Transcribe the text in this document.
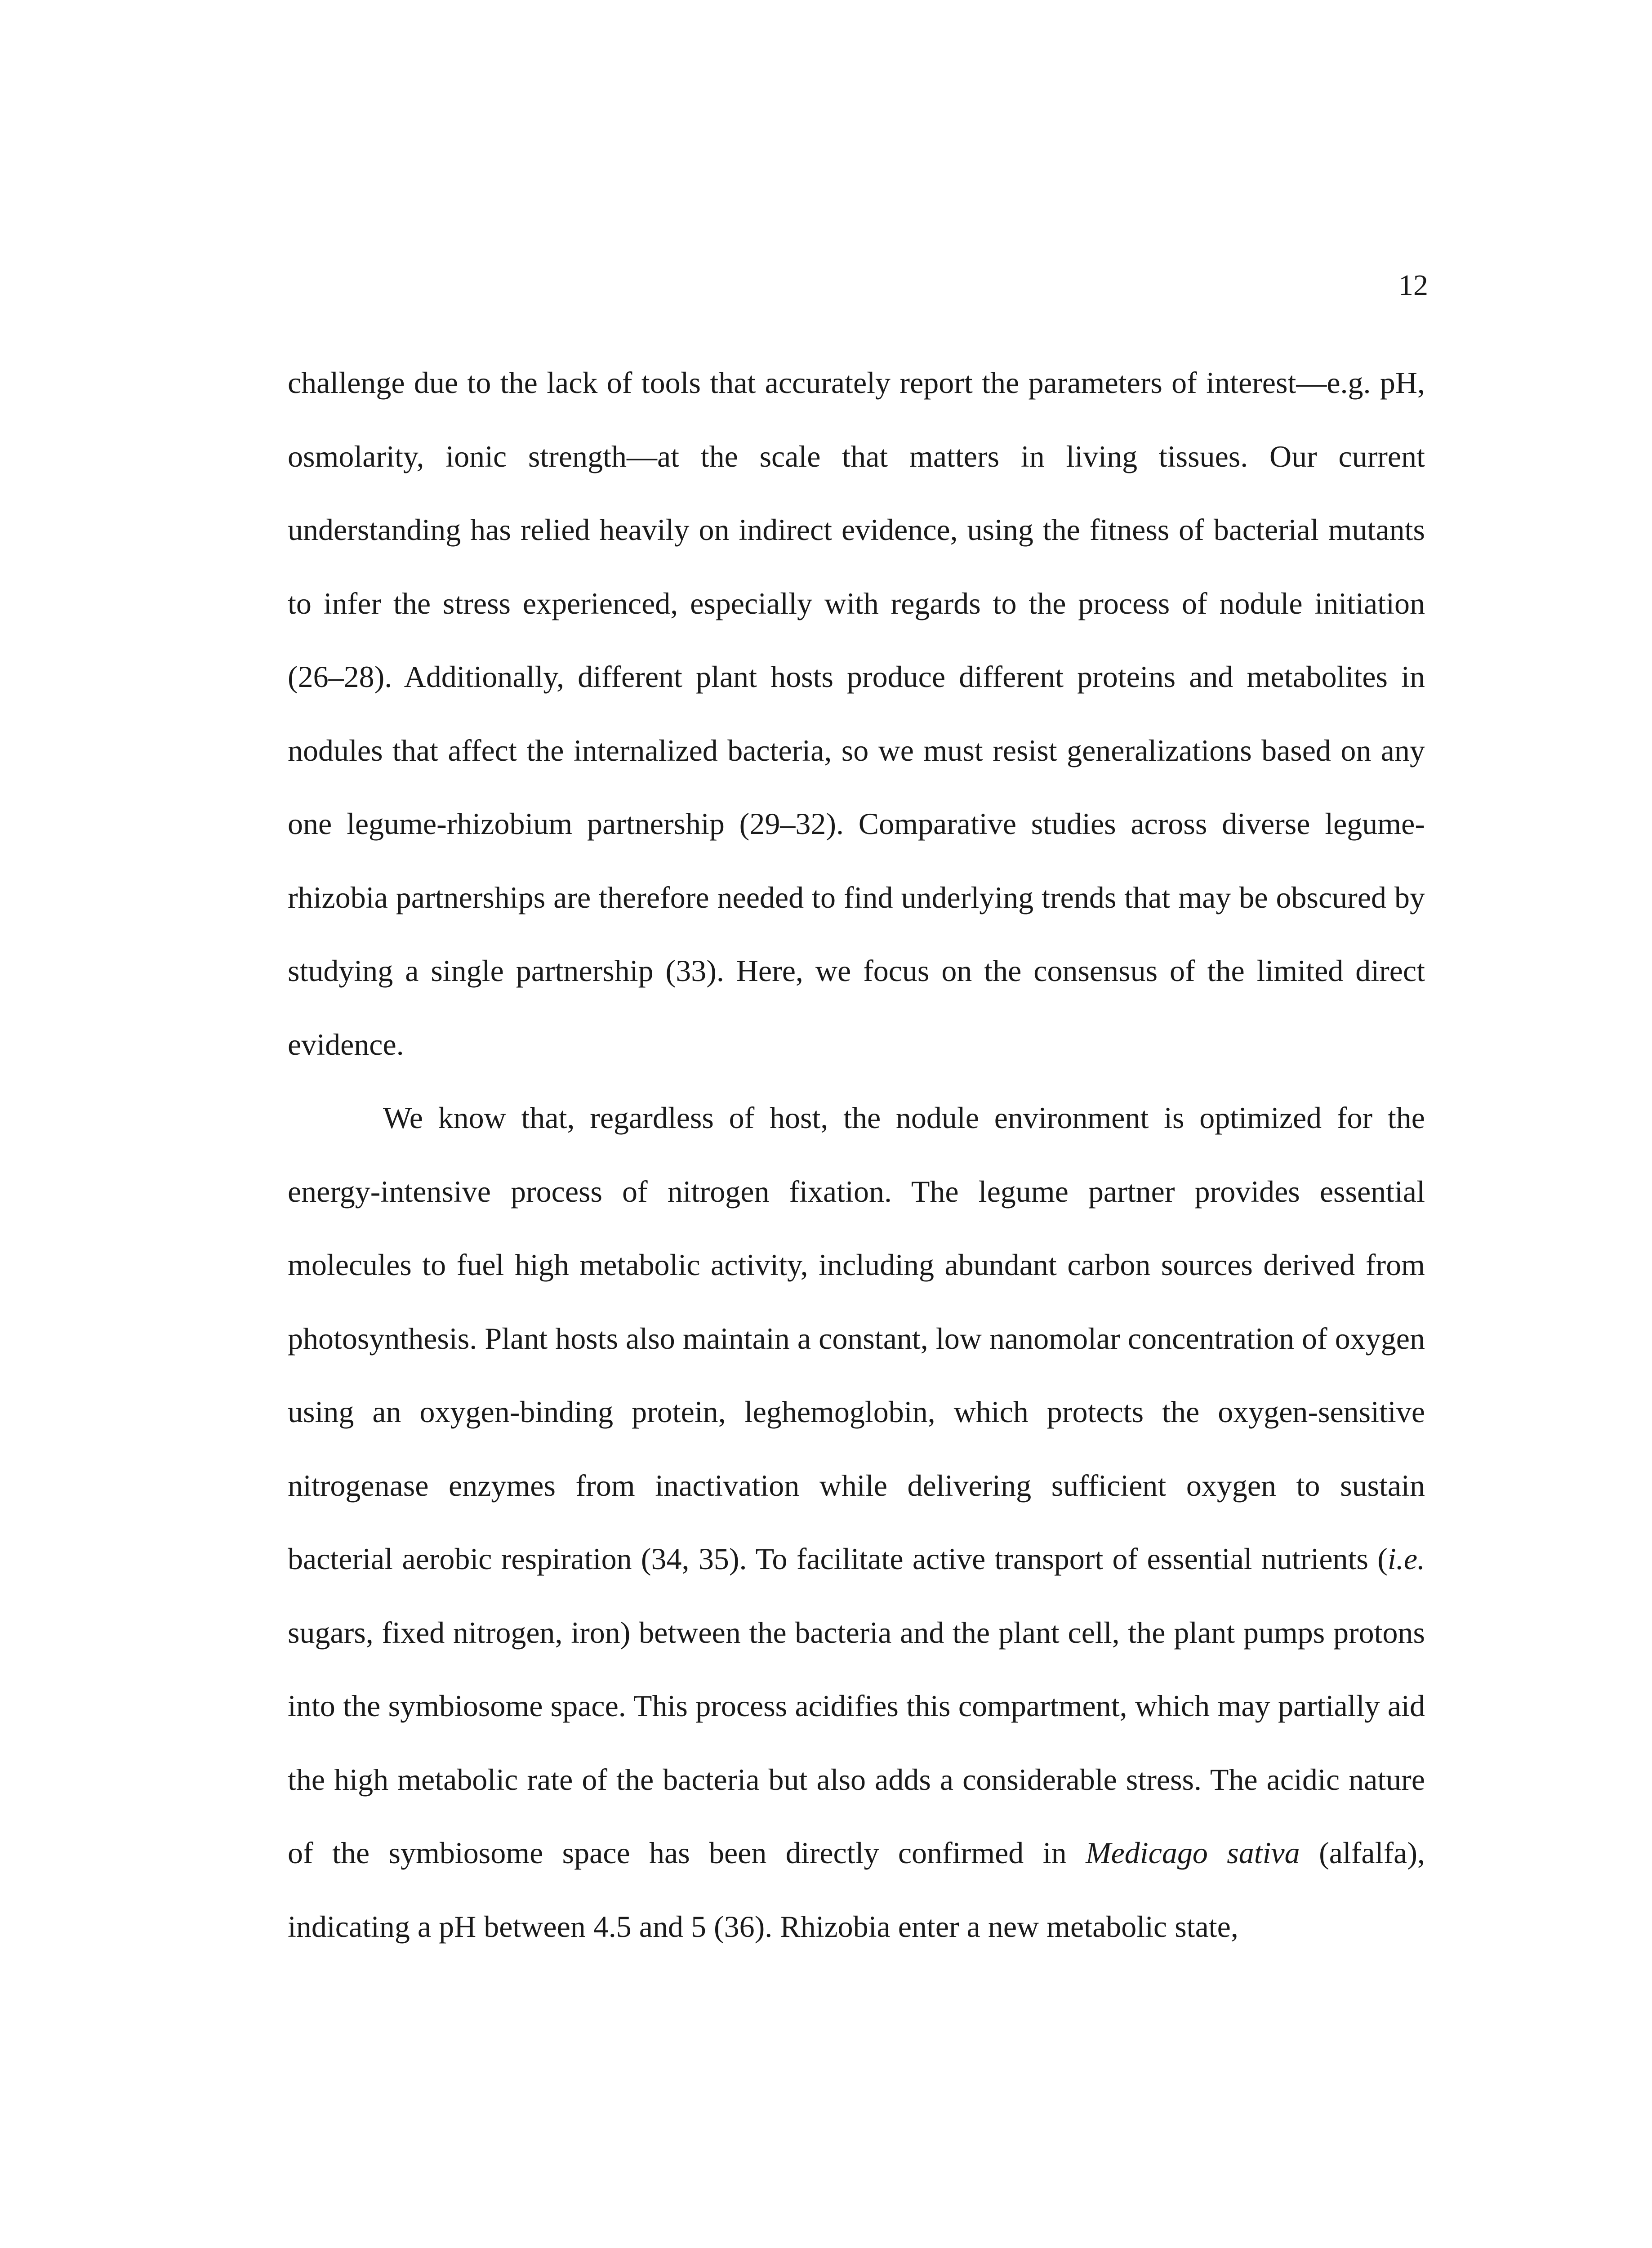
12

challenge due to the lack of tools that accurately report the parameters of interest—e.g. pH, osmolarity, ionic strength—at the scale that matters in living tissues. Our current understanding has relied heavily on indirect evidence, using the fitness of bacterial mutants to infer the stress experienced, especially with regards to the process of nodule initiation (26–28). Additionally, different plant hosts produce different proteins and metabolites in nodules that affect the internalized bacteria, so we must resist generalizations based on any one legume-rhizobium partnership (29–32). Comparative studies across diverse legume-rhizobia partnerships are therefore needed to find underlying trends that may be obscured by studying a single partnership (33). Here, we focus on the consensus of the limited direct evidence.

We know that, regardless of host, the nodule environment is optimized for the energy-intensive process of nitrogen fixation. The legume partner provides essential molecules to fuel high metabolic activity, including abundant carbon sources derived from photosynthesis. Plant hosts also maintain a constant, low nanomolar concentration of oxygen using an oxygen-binding protein, leghemoglobin, which protects the oxygen-sensitive nitrogenase enzymes from inactivation while delivering sufficient oxygen to sustain bacterial aerobic respiration (34, 35). To facilitate active transport of essential nutrients (i.e. sugars, fixed nitrogen, iron) between the bacteria and the plant cell, the plant pumps protons into the symbiosome space. This process acidifies this compartment, which may partially aid the high metabolic rate of the bacteria but also adds a considerable stress. The acidic nature of the symbiosome space has been directly confirmed in Medicago sativa (alfalfa), indicating a pH between 4.5 and 5 (36). Rhizobia enter a new metabolic state,
